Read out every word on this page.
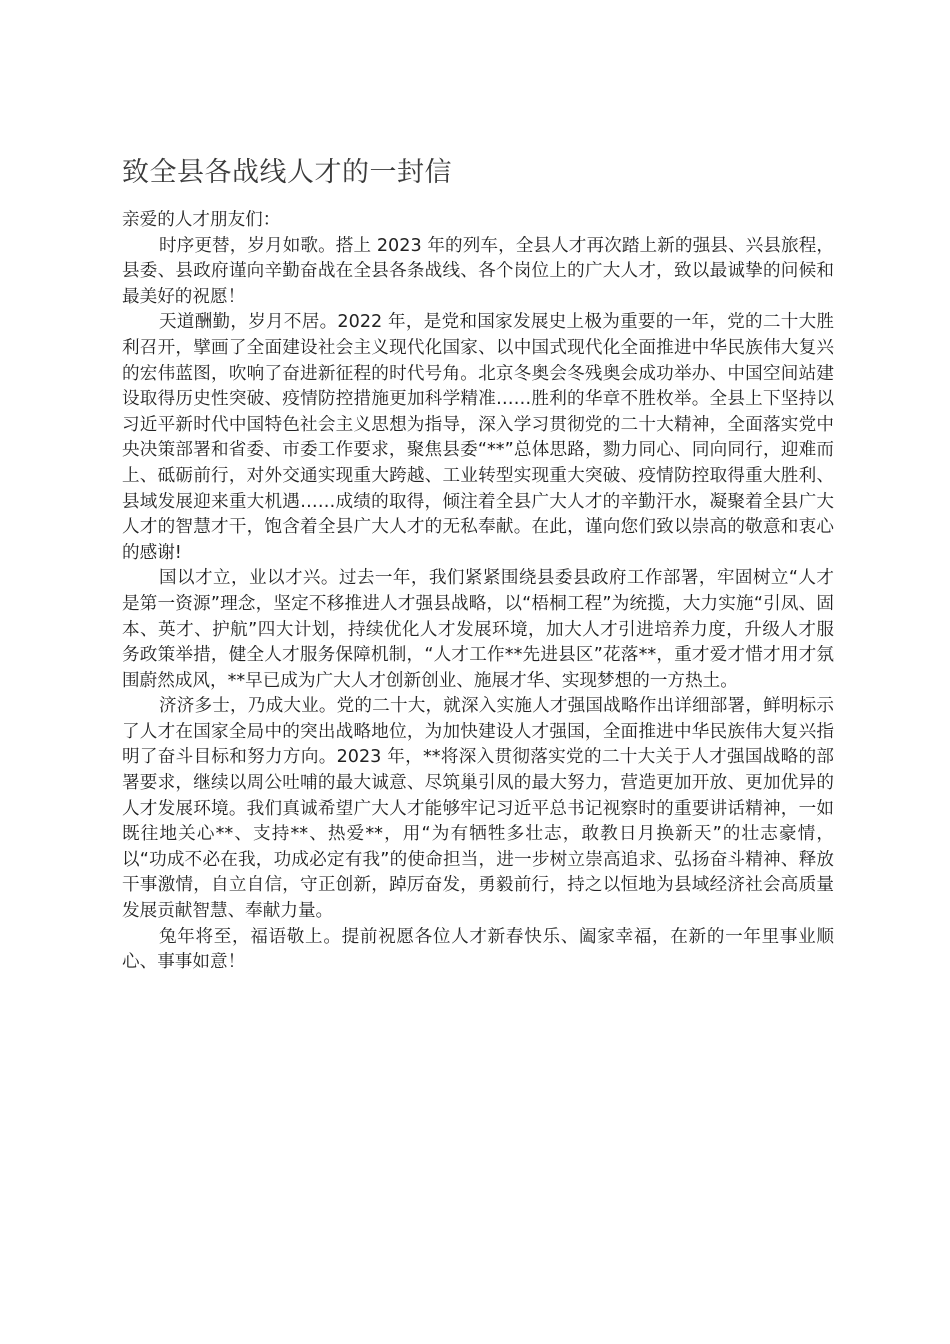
致全县各战线人才的一封信

亲爱的人才朋友们：

时序更替，岁月如歌。搭上 2023 年的列车，全县人才再次踏上新的强县、兴县旅程，县委、县政府谨向辛勤奋战在全县各条战线、各个岗位上的广大人才，致以最诚挚的问候和最美好的祝愿！

天道酬勤，岁月不居。2022 年，是党和国家发展史上极为重要的一年，党的二十大胜利召开，擘画了全面建设社会主义现代化国家、以中国式现代化全面推进中华民族伟大复兴的宏伟蓝图，吹响了奋进新征程的时代号角。北京冬奥会冬残奥会成功举办、中国空间站建设取得历史性突破、疫情防控措施更加科学精准……胜利的华章不胜枚举。全县上下坚持以习近平新时代中国特色社会主义思想为指导，深入学习贯彻党的二十大精神，全面落实党中央决策部署和省委、市委工作要求，聚焦县委“**”总体思路，勠力同心、同向同行，迎难而上、砥砺前行，对外交通实现重大跨越、工业转型实现重大突破、疫情防控取得重大胜利、县域发展迎来重大机遇……成绩的取得，倾注着全县广大人才的辛勤汗水，凝聚着全县广大人才的智慧才干，饱含着全县广大人才的无私奉献。在此，谨向您们致以崇高的敬意和衷心的感谢!

国以才立，业以才兴。过去一年，我们紧紧围绕县委县政府工作部署，牢固树立“人才是第一资源”理念，坚定不移推进人才强县战略，以“梧桐工程”为统揽，大力实施“引凤、固本、英才、护航”四大计划，持续优化人才发展环境，加大人才引进培养力度，升级人才服务政策举措，健全人才服务保障机制，“人才工作**先进县区”花落**，重才爱才惜才用才氛围蔚然成风，**早已成为广大人才创新创业、施展才华、实现梦想的一方热土。

济济多士，乃成大业。党的二十大，就深入实施人才强国战略作出详细部署，鲜明标示了人才在国家全局中的突出战略地位，为加快建设人才强国，全面推进中华民族伟大复兴指明了奋斗目标和努力方向。2023 年，**将深入贯彻落实党的二十大关于人才强国战略的部署要求，继续以周公吐哺的最大诚意、尽筑巢引凤的最大努力，营造更加开放、更加优异的人才发展环境。我们真诚希望广大人才能够牢记习近平总书记视察时的重要讲话精神，一如既往地关心**、支持**、热爱**，用“为有牺牲多壮志，敢教日月换新天”的壮志豪情，以“功成不必在我，功成必定有我”的使命担当，进一步树立崇高追求、弘扬奋斗精神、释放干事激情，自立自信，守正创新，踔厉奋发，勇毅前行，持之以恒地为县域经济社会高质量发展贡献智慧、奉献力量。

兔年将至，福语敬上。提前祝愿各位人才新春快乐、阖家幸福，在新的一年里事业顺心、事事如意！
